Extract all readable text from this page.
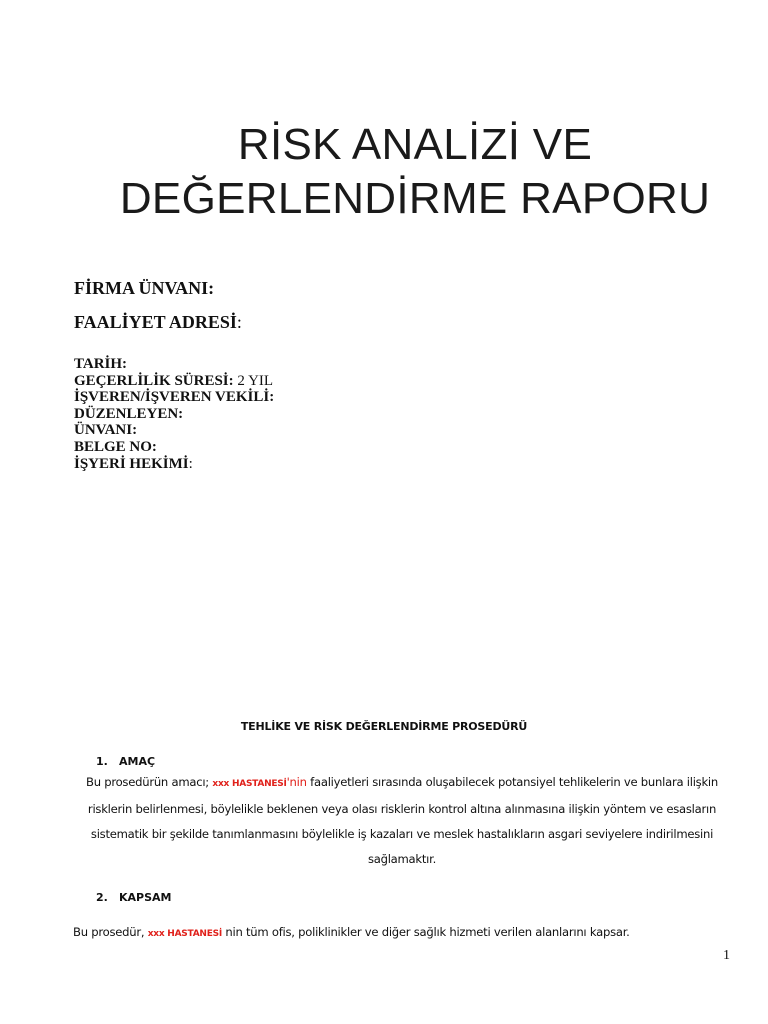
RİSK ANALİZİ VE
DEĞERLENDİRME RAPORU
FİRMA ÜNVANI:
FAALİYET ADRESİ:
TARİH:
GEÇERLİLİK SÜRESİ: 2 YIL
İŞVEREN/İŞVEREN VEKİLİ:
DÜZENLEYEN:
ÜNVANI:
BELGE NO:
İŞYERİ HEKİMİ:
TEHLİKE VE RİSK DEĞERLENDİRME PROSEDÜRÜ
1. AMAÇ
Bu prosedürün amacı; xxx HASTANESİ'nin faaliyetleri sırasında oluşabilecek potansiyel tehlikelerin ve bunlara ilişkin risklerin belirlenmesi, böylelikle beklenen veya olası risklerin kontrol altına alınmasına ilişkin yöntem ve esasların sistematik bir şekilde tanımlanmasını böylelikle iş kazaları ve meslek hastalıkların asgari seviyelere indirilmesini sağlamaktır.
2. KAPSAM
Bu prosedür, xxx HASTANESİ nin tüm ofis, poliklinikler ve diğer sağlık hizmeti verilen alanlarını kapsar.
1
